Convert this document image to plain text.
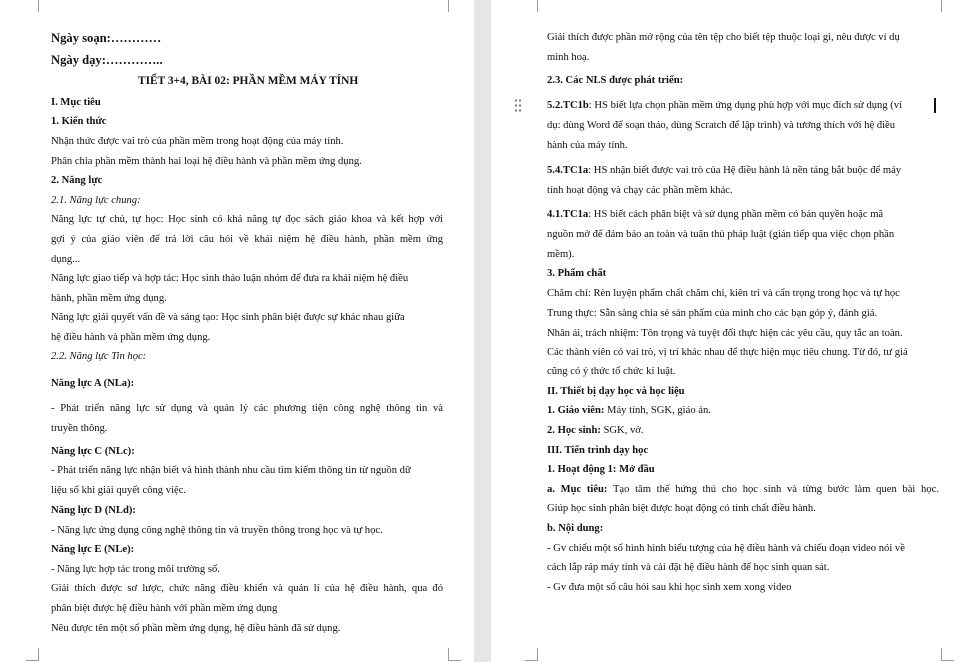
Ngày soạn:…………
Ngày dạy:…………..
TIẾT 3+4, BÀI 02: PHẦN MỀM MÁY TÍNH
I. Mục tiêu
1. Kiến thức
Nhận thức được vai trò của phần mềm trong hoạt động của máy tính.
Phân chia phần mềm thành hai loại hệ điều hành và phần mềm ứng dụng.
2. Năng lực
2.1. Năng lực chung:
Năng lực tự chủ, tự học: Học sinh có khả năng tự đọc sách giáo khoa và kết hợp với
gợi ý của giáo viên để trả lời câu hỏi về khái niệm hệ điều hành, phần mềm ứng
dụng...
Năng lực giao tiếp và hợp tác: Học sinh thảo luận nhóm để đưa ra khái niệm hệ điều
hành, phần mềm ứng dụng.
Năng lực giải quyết vấn đề và sáng tạo: Học sinh phân biệt được sự khác nhau giữa
hệ điều hành và phần mềm ứng dụng.
2.2. Năng lực Tin học:
Năng lực A (NLa):
- Phát triển năng lực sử dụng và quản lý các phương tiện công nghệ thông tin và
truyền thông.
Năng lực C (NLc):
- Phát triển năng lực nhận biết và hình thành nhu cầu tìm kiếm thông tin từ nguồn dữ
liệu số khi giải quyết công việc.
Năng lực D (NLd):
- Năng lực ứng dụng công nghệ thông tin và truyền thông trong học và tự học.
Năng lực E (NLe):
- Năng lực hợp tác trong môi trường số.
Giải thích được sơ lược, chức năng điều khiển và quản lí của hệ điều hành, qua đó
phân biệt được hệ điều hành với phần mềm ứng dụng
Nêu được tên một số phần mềm ứng dụng, hệ điều hành đã sử dụng.
Giải thích được phần mở rộng của tên tệp cho biết tệp thuộc loại gì, nêu được ví dụ
minh hoạ.
2.3. Các NLS được phát triển:
5.2.TC1b: HS biết lựa chọn phần mềm ứng dụng phù hợp với mục đích sử dụng (ví
dụ: dùng Word để soạn thảo, dùng Scratch để lập trình) và tương thích với hệ điều
hành của máy tính.
5.4.TC1a: HS nhận biết được vai trò của Hệ điều hành là nền tảng bắt buộc để máy
tính hoạt động và chạy các phần mềm khác.
4.1.TC1a: HS biết cách phân biệt và sử dụng phần mềm có bản quyền hoặc mã
nguồn mở để đảm bảo an toàn và tuân thủ pháp luật (gián tiếp qua việc chọn phần
mềm).
3. Phẩm chất
Chăm chỉ: Rèn luyện phẩm chất chăm chỉ, kiên trì và cẩn trọng trong học và tự học
Trung thực: Sẵn sàng chia sẻ sản phẩm của mình cho các bạn góp ý, đánh giá.
Nhân ái, trách nhiệm: Tôn trọng và tuyệt đối thực hiện các yêu cầu, quy tắc an toàn.
Các thành viên có vai trò, vị trí khác nhau để thực hiện mục tiêu chung. Từ đó, tư giá
cũng có ý thức tổ chức kỉ luật.
II. Thiết bị dạy học và học liệu
1. Giáo viên: Máy tính, SGK, giáo án.
2. Học sinh: SGK, vở.
III. Tiến trình dạy học
1. Hoạt động 1: Mở đầu
a. Mục tiêu: Tạo tâm thế hứng thú cho học sinh và từng bước làm quen bài học.
Giúp học sinh phân biệt được hoạt động có tính chất điều hành.
b. Nội dung:
- Gv chiếu một số hình hình biểu tượng của hệ điều hành và chiếu đoạn video nói về
cách lắp ráp máy tính và cài đặt hệ điều hành để học sinh quan sát.
- Gv đưa một số câu hỏi sau khi học sinh xem xong video
